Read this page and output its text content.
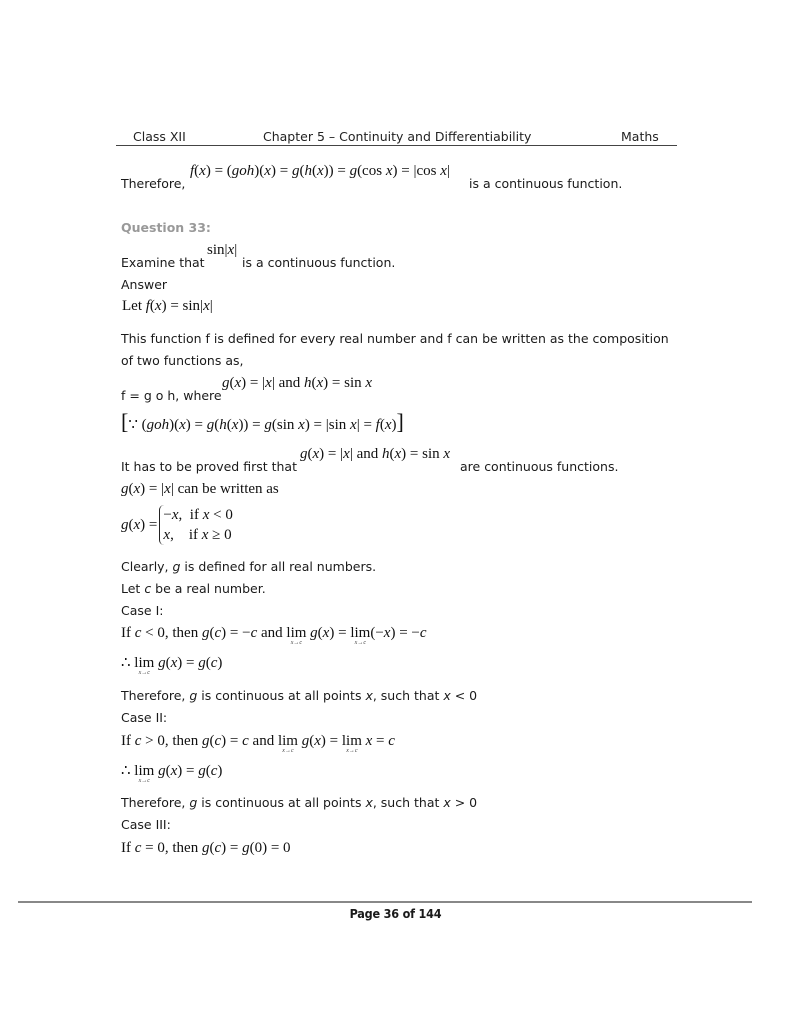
Class XII	Chapter 5 – Continuity and Differentiability	Maths
Therefore,
f(x) = (goh)(x) = g(h(x)) = g(cos x) = |cos x|
is a continuous function.
Question 33:
Examine that
sin|x|
is a continuous function.
Answer
Let f(x) = sin|x|
This function f is defined for every real number and f can be written as the composition
of two functions as,
f = g o h, where
g(x) = |x| and h(x) = sin x
[∵ (goh)(x) = g(h(x)) = g(sin x) = |sin x| = f(x)]
It has to be proved first that
g(x) = |x| and h(x) = sin x
are continuous functions.
g(x) = |x| can be written as
g(x) =−x,  if x < 0
x,    if x ≥ 0
Clearly, g is defined for all real numbers.
Let c be a real number.
Case I:
If c < 0, then g(c) = −c and lim
x→c
g(x) = lim
x→c
(−x) = −c
∴ lim
x→c
g(x) = g(c)
Therefore, g is continuous at all points x, such that x < 0
Case II:
If c > 0, then g(c) = c and lim
x→c
g(x) = lim
x→c
x = c
∴ lim
x→c
g(x) = g(c)
Therefore, g is continuous at all points x, such that x > 0
Case III:
If c = 0, then g(c) = g(0) = 0
Page 36 of 144
